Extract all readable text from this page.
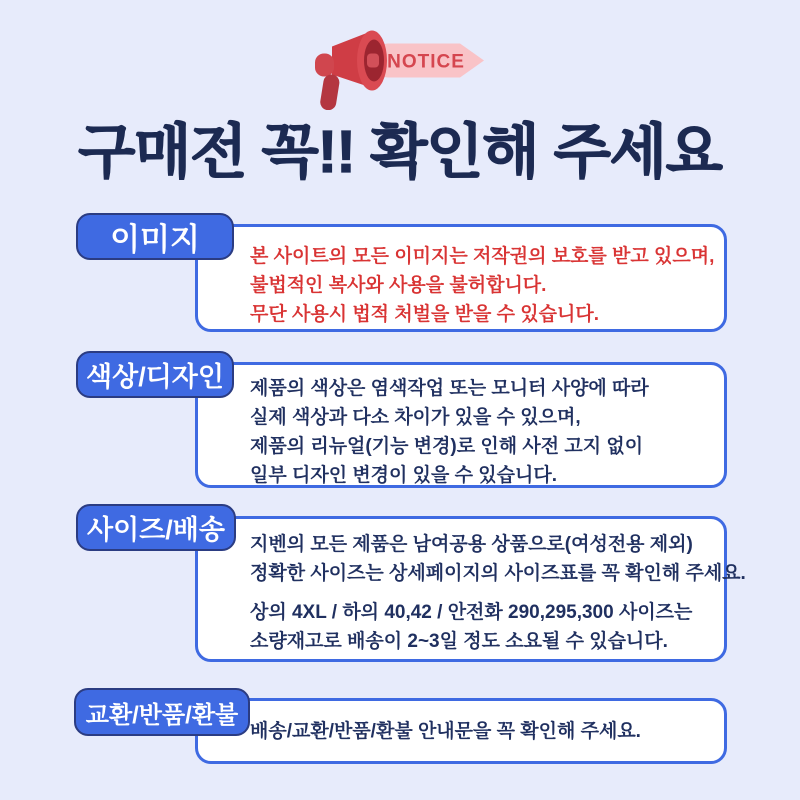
NOTICE
구매전 꼭!! 확인해 주세요
이미지	본 사이트의 모든 이미지는 저작권의 보호를 받고 있으며,
불법적인 복사와 사용을 불허합니다.
무단 사용시 법적 처벌을 받을 수 있습니다.
색상/디자인	제품의 색상은 염색작업 또는 모니터 사양에 따라
실제 색상과 다소 차이가 있을 수 있으며,
제품의 리뉴얼(기능 변경)로 인해 사전 고지 없이
일부 디자인 변경이 있을 수 있습니다.
사이즈/배송	지벤의 모든 제품은 남여공용 상품으로(여성전용 제외)
정확한 사이즈는 상세페이지의 사이즈표를 꼭 확인해 주세요.
상의 4XL / 하의 40,42 / 안전화 290,295,300 사이즈는
소량재고로 배송이 2~3일 정도 소요될 수 있습니다.
교환/반품/환불
배송/교환/반품/환불 안내문을 꼭 확인해 주세요.
